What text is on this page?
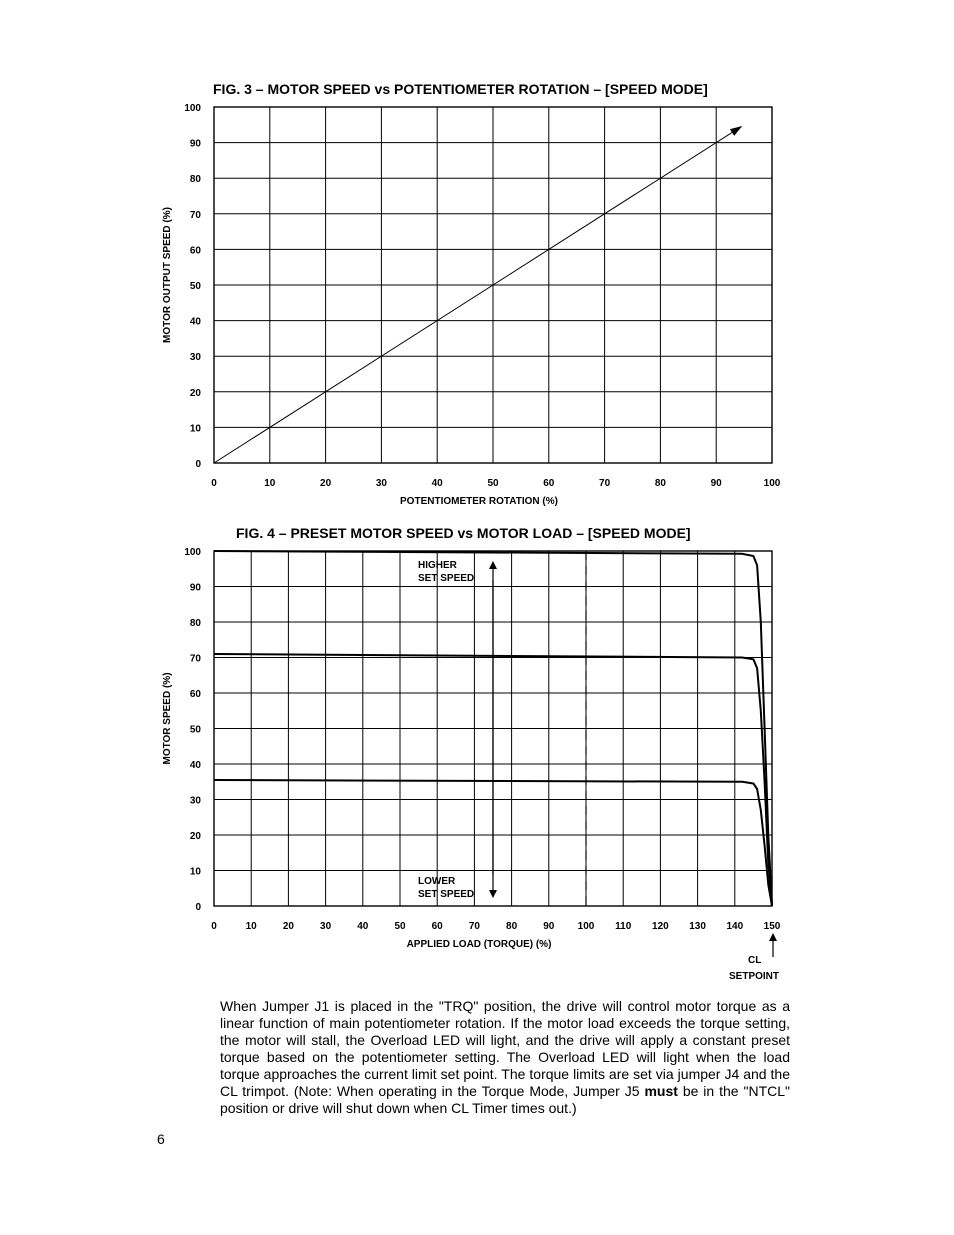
FIG. 3 – MOTOR SPEED vs POTENTIOMETER ROTATION – [SPEED MODE]
0	10	20	30	40	50	60	70	80	90	100
0
10
20
30
40
50
60
70
80
90
100
POTENTIOMETER ROTATION (%)
MOTOR OUTPUT SPEED (%)
FIG. 4 – PRESET MOTOR SPEED vs MOTOR LOAD – [SPEED MODE]
0	10	20	30	40	50	60	70	80	90 100 110 120 130 140 150
0
10
20
30
40
50
60
70
80
90
100
APPLIED LOAD (TORQUE) (%)
MOTOR SPEED (%)
HIGHER SET SPEED
LOWER SET SPEED
CL
SETPOINT

When Jumper J1 is placed in the "TRQ" position, the drive will control motor torque as a linear function of main potentiometer rotation. If the motor load exceeds the torque setting, the motor will stall, the Overload LED will light, and the drive will apply a constant preset torque based on the potentiometer setting. The Overload LED will light when the load torque approaches the current limit set point. The torque limits are set via jumper J4 and the CL trimpot. (Note: When operating in the Torque Mode, Jumper J5 must be in the "NTCL" position or drive will shut down when CL Timer times out.)

6
